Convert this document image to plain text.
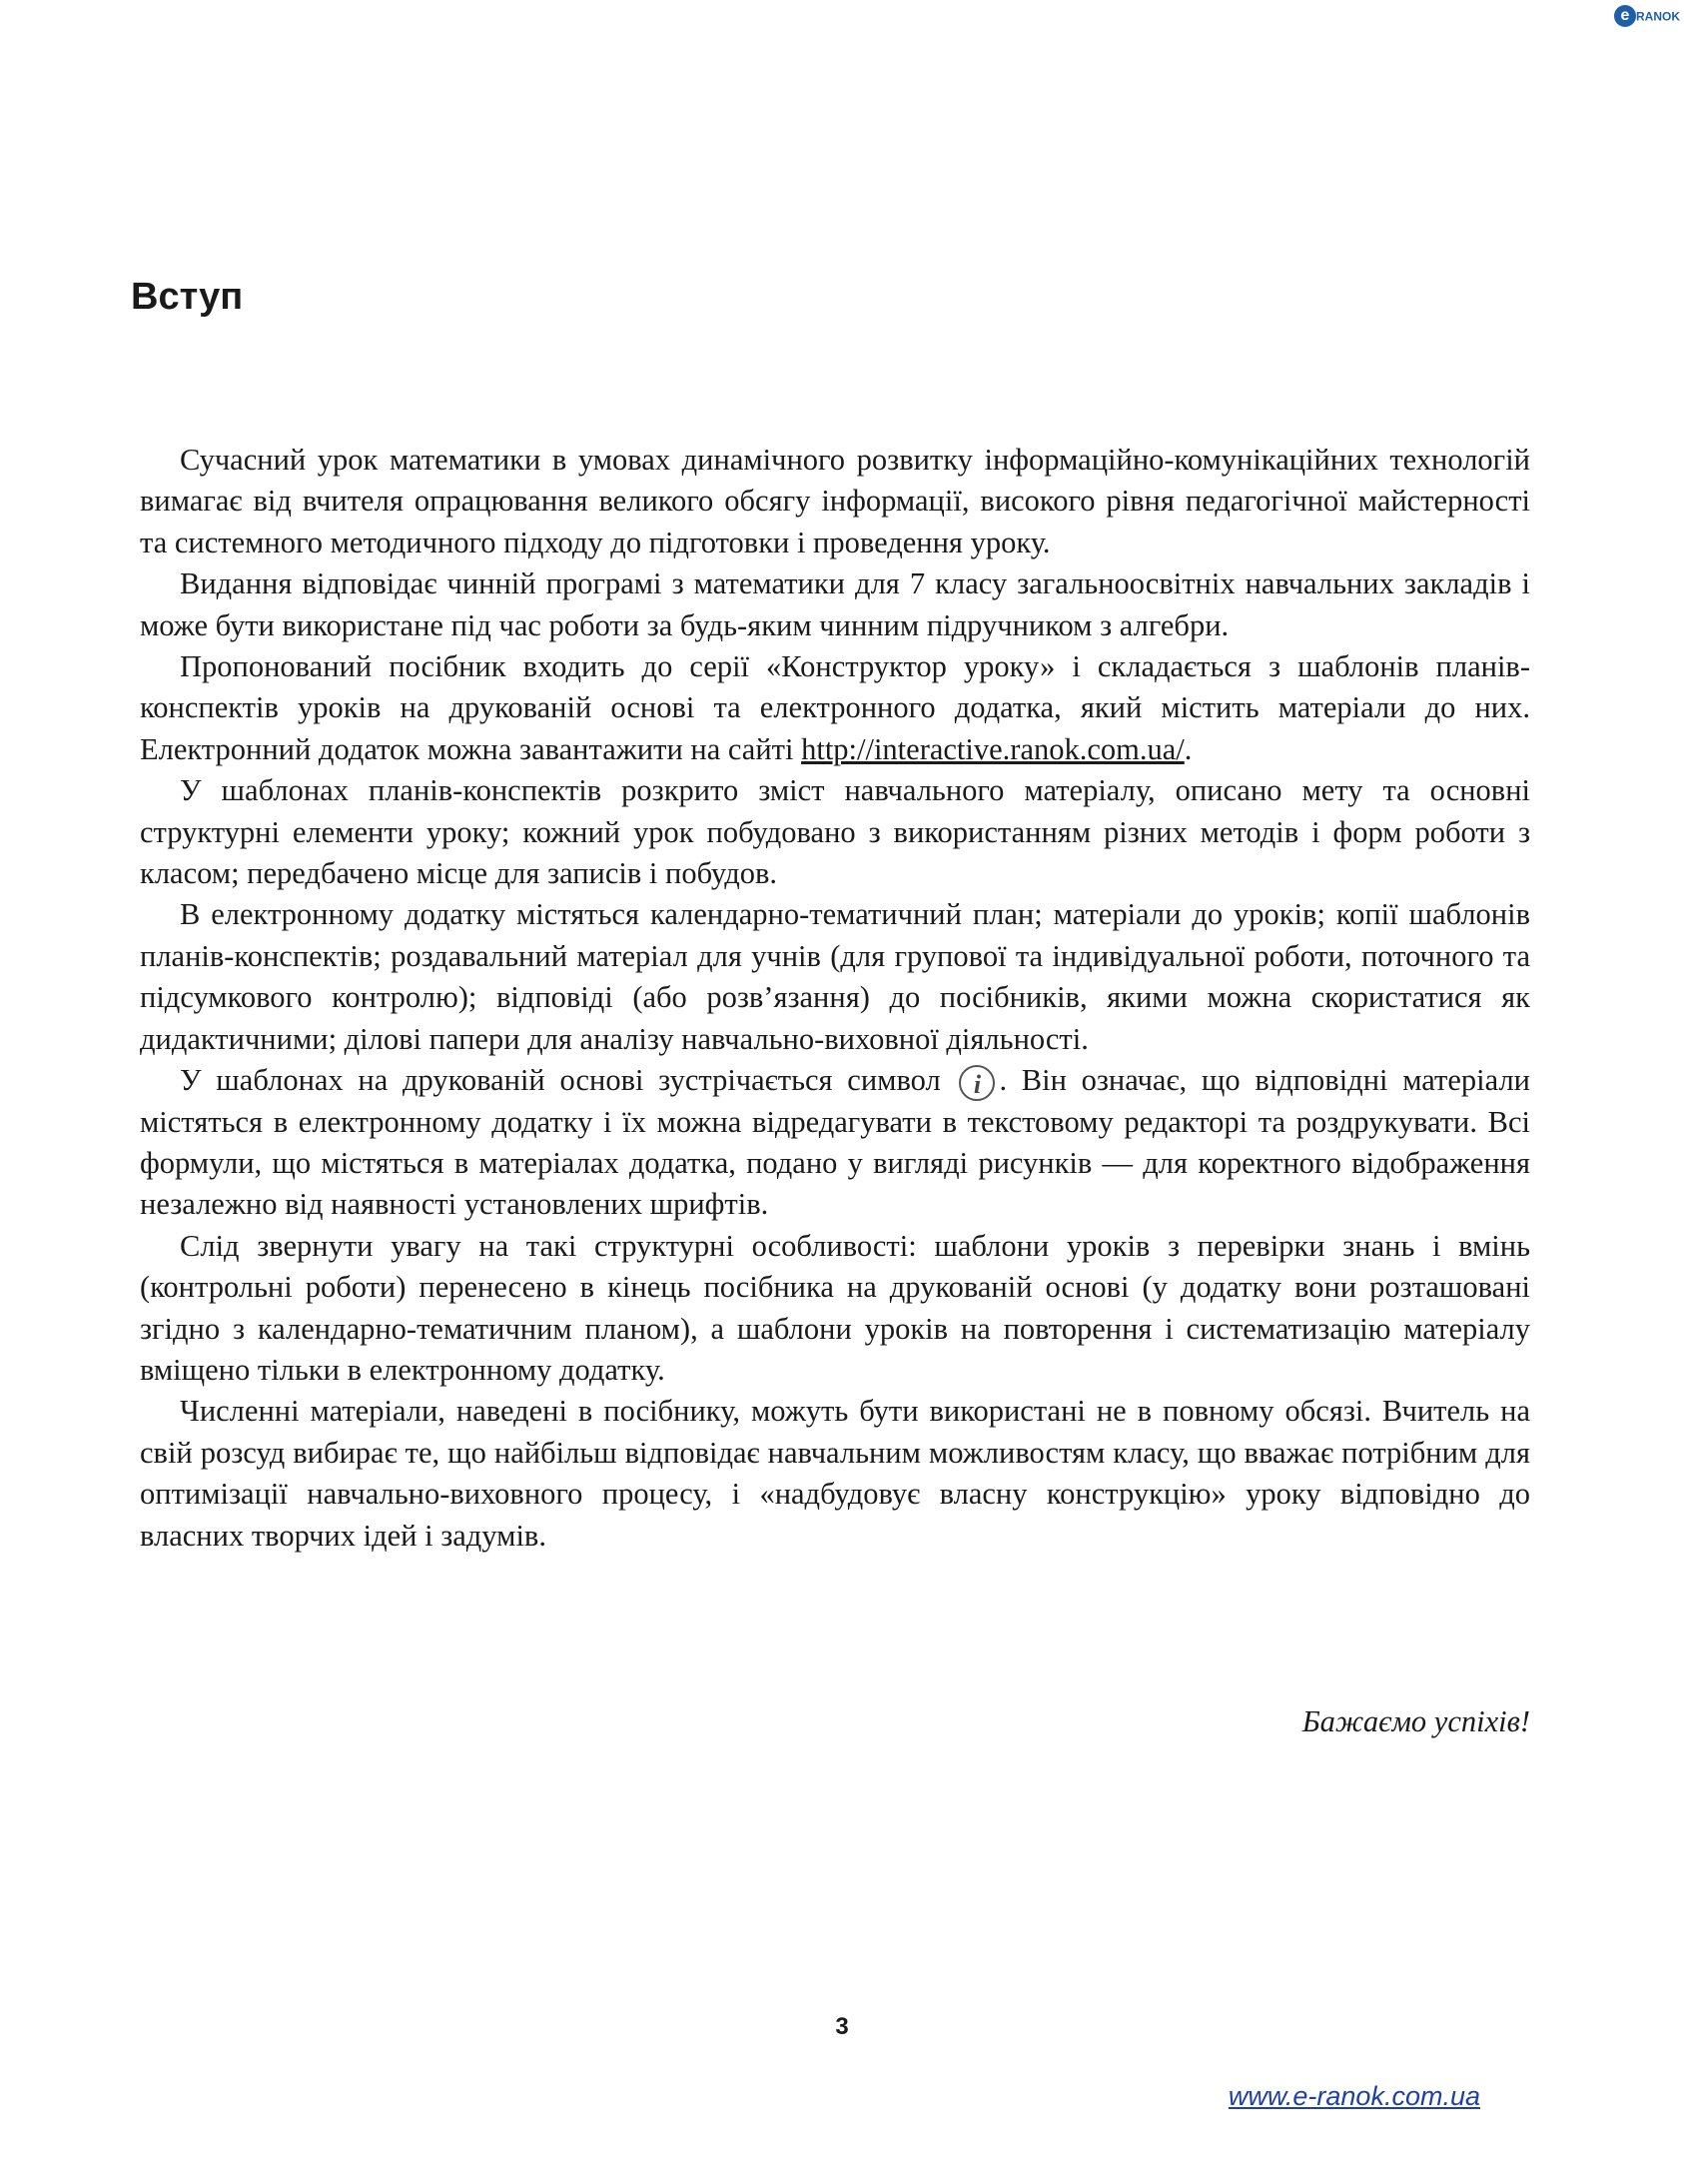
e RANOK
Вступ

Сучасний урок математики в умовах динамічного розвитку інформаційно-комунікаційних технологій вимагає від вчителя опрацювання великого обсягу інформації, високого рівня педагогічної майстерності та системного методичного підходу до підготовки і проведення уроку.

Видання відповідає чинній програмі з математики для 7 класу загальноосвітніх навчальних закладів і може бути використане під час роботи за будь-яким чинним підручником з алгебри.

Пропонований посібник входить до серії «Конструктор уроку» і складається з шаблонів планів-конспектів уроків на друкованій основі та електронного додатка, який містить матеріали до них. Електронний додаток можна завантажити на сайті http://interactive.ranok.com.ua/.

У шаблонах планів-конспектів розкрито зміст навчального матеріалу, описано мету та основні структурні елементи уроку; кожний урок побудовано з використанням різних методів і форм роботи з класом; передбачено місце для записів і побудов.

В електронному додатку містяться календарно-тематичний план; матеріали до уроків; копії шаблонів планів-конспектів; роздавальний матеріал для учнів (для групової та індивідуальної роботи, поточного та підсумкового контролю); відповіді (або розв’язання) до посібників, якими можна скористатися як дидактичними; ділові папери для аналізу навчально-виховної діяльності.

У шаблонах на друкованій основі зустрічається символ i . Він означає, що відповідні матеріали містяться в електронному додатку і їх можна відредагувати в текстовому редакторі та роздрукувати. Всі формули, що містяться в матеріалах додатка, подано у вигляді рисунків — для коректного відображення незалежно від наявності установлених шрифтів.

Слід звернути увагу на такі структурні особливості: шаблони уроків з перевірки знань і вмінь (контрольні роботи) перенесено в кінець посібника на друкованій основі (у додатку вони розташовані згідно з календарно-тематичним планом), а шаблони уроків на повторення і систематизацію матеріалу вміщено тільки в електронному додатку.

Численні матеріали, наведені в посібнику, можуть бути використані не в повному обсязі. Вчитель на свій розсуд вибирає те, що найбільш відповідає навчальним можливостям класу, що вважає потрібним для оптимізації навчально-виховного процесу, і «надбудовує власну конструкцію» уроку відповідно до власних творчих ідей і задумів.

Бажаємо успіхів!
3
www.e-ranok.com.ua
